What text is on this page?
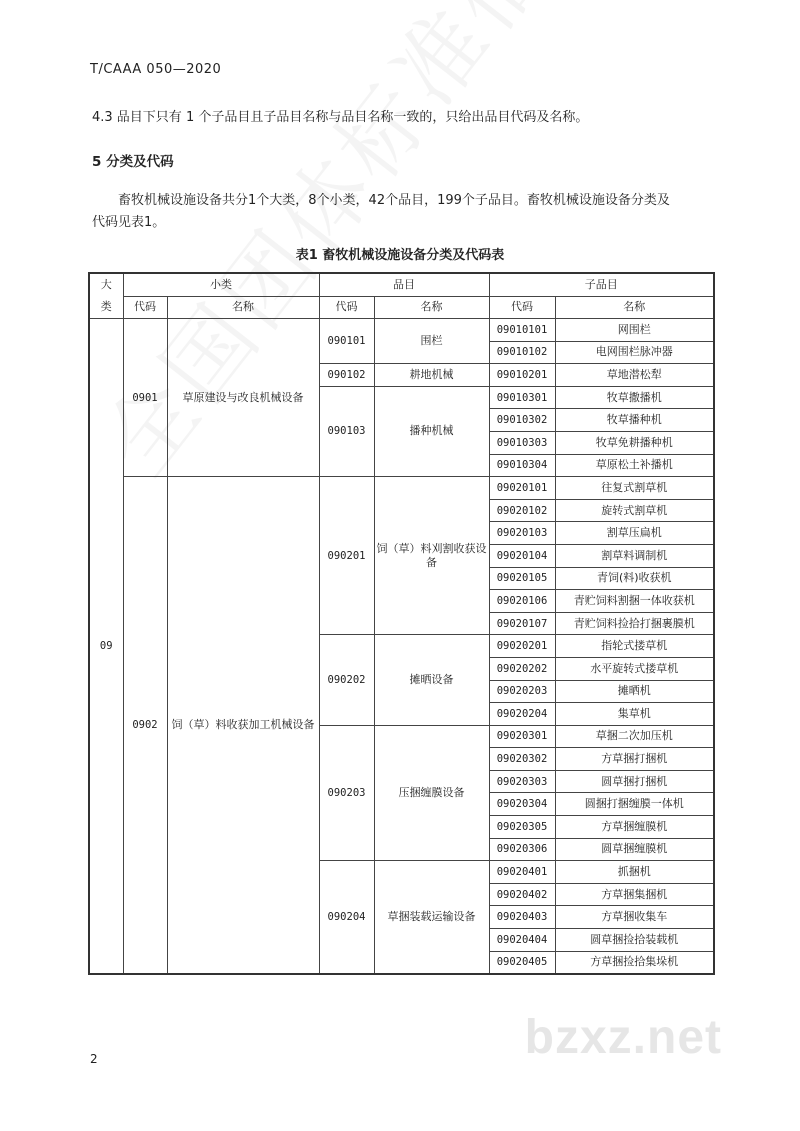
T/CAAA 050—2020
4.3 品目下只有 1 个子品目且子品目名称与品目名称一致的，只给出品目代码及名称。
5 分类及代码
畜牧机械设施设备共分1个大类，8个小类，42个品目，199个子品目。畜牧机械设施设备分类及
代码见表1。
表1 畜牧机械设施设备分类及代码表
大
类	小类		品目		子品目	
	代码	名称	代码	名称	代码	名称
09	0901	草原建设与改良机械设备	090101	围栏	09010101	网围栏
					09010102	电网围栏脉冲器
			090102	耕地机械	09010201	草地潜松犁
			090103	播种机械	09010301	牧草撒播机
					09010302	牧草播种机
					09010303	牧草免耕播种机
					09010304	草原松土补播机
	0902	饲（草）料收获加工机械设备	090201	饲（草）料刈割收获设备	09020101	往复式割草机
					09020102	旋转式割草机
					09020103	割草压扁机
					09020104	割草料调制机
					09020105	青饲(料)收获机
					09020106	青贮饲料割捆一体收获机
					09020107	青贮饲料捡拾打捆裹膜机
			090202	摊晒设备	09020201	指轮式搂草机
					09020202	水平旋转式搂草机
					09020203	摊晒机
					09020204	集草机
			090203	压捆缠膜设备	09020301	草捆二次加压机
					09020302	方草捆打捆机
					09020303	圆草捆打捆机
					09020304	圆捆打捆缠膜一体机
					09020305	方草捆缠膜机
					09020306	圆草捆缠膜机
			090204	草捆装载运输设备	09020401	抓捆机
					09020402	方草捆集捆机
					09020403	方草捆收集车
					09020404	圆草捆捡拾装载机
					09020405	方草捆捡拾集垛机
bzxz.net
2
